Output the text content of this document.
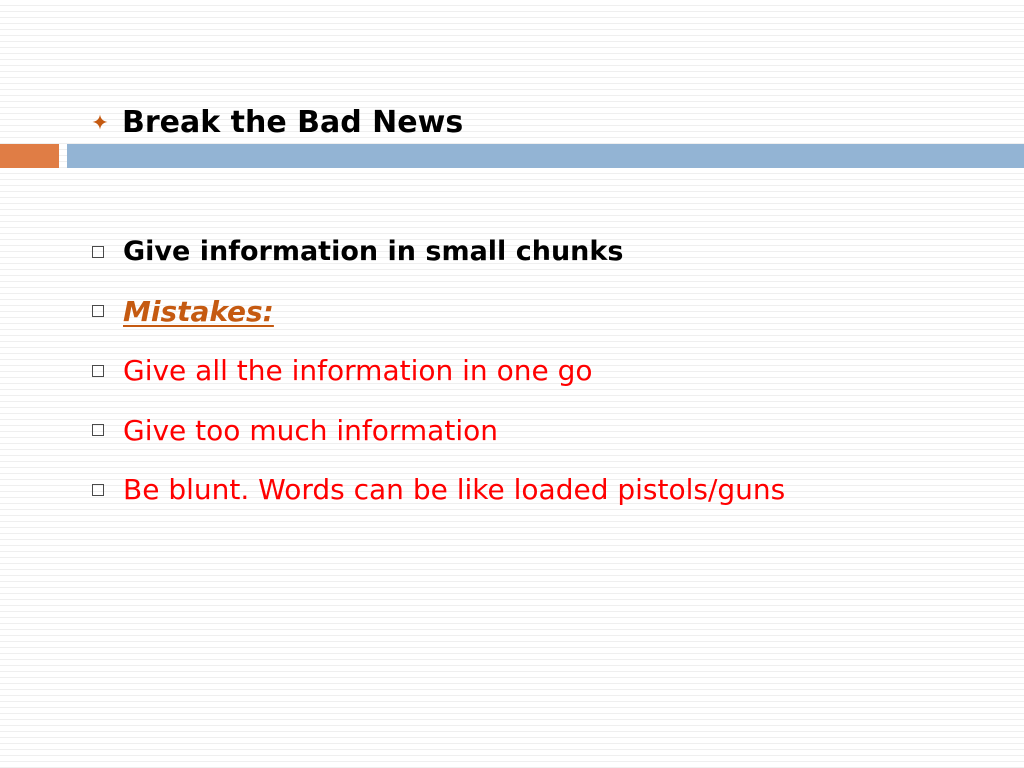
Break the Bad News
Give information in small chunks
Mistakes:
Give all the information in one go
Give too much information
Be blunt. Words can be like loaded pistols/guns
